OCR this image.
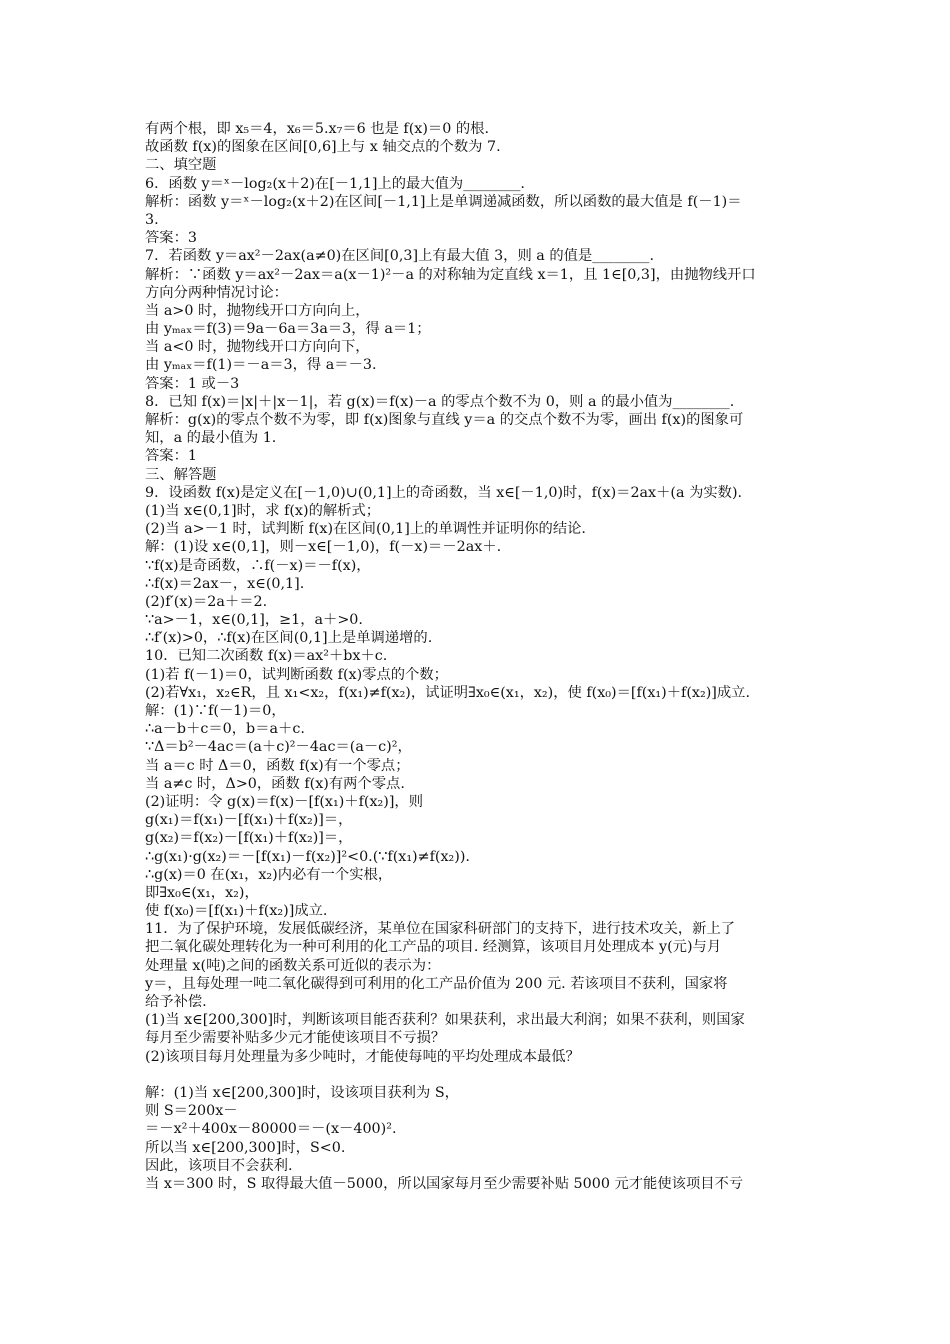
有两个根，即 x₅＝4，x₆＝5.x₇＝6 也是 f(x)＝0 的根.
故函数 f(x)的图象在区间[0,6]上与 x 轴交点的个数为 7.
二、填空题
6．函数 y＝ˣ－log₂(x＋2)在[－1,1]上的最大值为________.
解析：函数 y＝ˣ－log₂(x＋2)在区间[－1,1]上是单调递减函数，所以函数的最大值是 f(－1)＝
3.
答案：3
7．若函数 y＝ax²－2ax(a≠0)在区间[0,3]上有最大值 3，则 a 的值是________.
解析：∵函数 y＝ax²－2ax＝a(x－1)²－a 的对称轴为定直线 x＝1，且 1∈[0,3]，由抛物线开口
方向分两种情况讨论：
当 a>0 时，抛物线开口方向向上，
由 yₘₐₓ＝f(3)＝9a－6a＝3a＝3，得 a＝1；
当 a<0 时，抛物线开口方向向下，
由 yₘₐₓ＝f(1)＝－a＝3，得 a＝－3.
答案：1 或－3
8．已知 f(x)＝|x|＋|x－1|，若 g(x)＝f(x)－a 的零点个数不为 0，则 a 的最小值为________.
解析：g(x)的零点个数不为零，即 f(x)图象与直线 y＝a 的交点个数不为零，画出 f(x)的图象可
知，a 的最小值为 1.
答案：1
三、解答题
9．设函数 f(x)是定义在[－1,0)∪(0,1]上的奇函数，当 x∈[－1,0)时，f(x)＝2ax＋(a 为实数).
(1)当 x∈(0,1]时，求 f(x)的解析式；
(2)当 a>－1 时，试判断 f(x)在区间(0,1]上的单调性并证明你的结论.
解：(1)设 x∈(0,1]，则－x∈[－1,0)，f(－x)＝－2ax＋.
∵f(x)是奇函数，∴f(－x)＝－f(x)，
∴f(x)＝2ax－，x∈(0,1].
(2)f′(x)＝2a＋＝2.
∵a>－1，x∈(0,1]，≥1，a＋>0.
∴f′(x)>0，∴f(x)在区间(0,1]上是单调递增的.
10．已知二次函数 f(x)＝ax²＋bx＋c.
(1)若 f(－1)＝0，试判断函数 f(x)零点的个数；
(2)若∀x₁，x₂∈R，且 x₁<x₂，f(x₁)≠f(x₂)，试证明∃x₀∈(x₁，x₂)，使 f(x₀)＝[f(x₁)＋f(x₂)]成立.
解：(1)∵f(－1)＝0，
∴a－b＋c＝0，b＝a＋c.
∵Δ＝b²－4ac＝(a＋c)²－4ac＝(a－c)²，
当 a＝c 时 Δ＝0，函数 f(x)有一个零点；
当 a≠c 时，Δ>0，函数 f(x)有两个零点.
(2)证明：令 g(x)＝f(x)－[f(x₁)＋f(x₂)]，则
g(x₁)＝f(x₁)－[f(x₁)＋f(x₂)]＝，
g(x₂)＝f(x₂)－[f(x₁)＋f(x₂)]＝，
∴g(x₁)·g(x₂)＝－[f(x₁)－f(x₂)]²<0.(∵f(x₁)≠f(x₂)).
∴g(x)＝0 在(x₁，x₂)内必有一个实根，
即∃x₀∈(x₁，x₂)，
使 f(x₀)＝[f(x₁)＋f(x₂)]成立.
11．为了保护环境，发展低碳经济，某单位在国家科研部门的支持下，进行技术攻关，新上了
把二氧化碳处理转化为一种可利用的化工产品的项目. 经测算，该项目月处理成本 y(元)与月
处理量 x(吨)之间的函数关系可近似的表示为：
y＝，且每处理一吨二氧化碳得到可利用的化工产品价值为 200 元. 若该项目不获利，国家将
给予补偿.
(1)当 x∈[200,300]时，判断该项目能否获利？如果获利，求出最大利润；如果不获利，则国家
每月至少需要补贴多少元才能使该项目不亏损？
(2)该项目每月处理量为多少吨时，才能使每吨的平均处理成本最低？
解：(1)当 x∈[200,300]时，设该项目获利为 S，
则 S＝200x－
＝－x²＋400x－80000＝－(x－400)².
所以当 x∈[200,300]时，S<0.
因此，该项目不会获利.
当 x＝300 时，S 取得最大值－5000，所以国家每月至少需要补贴 5000 元才能使该项目不亏
